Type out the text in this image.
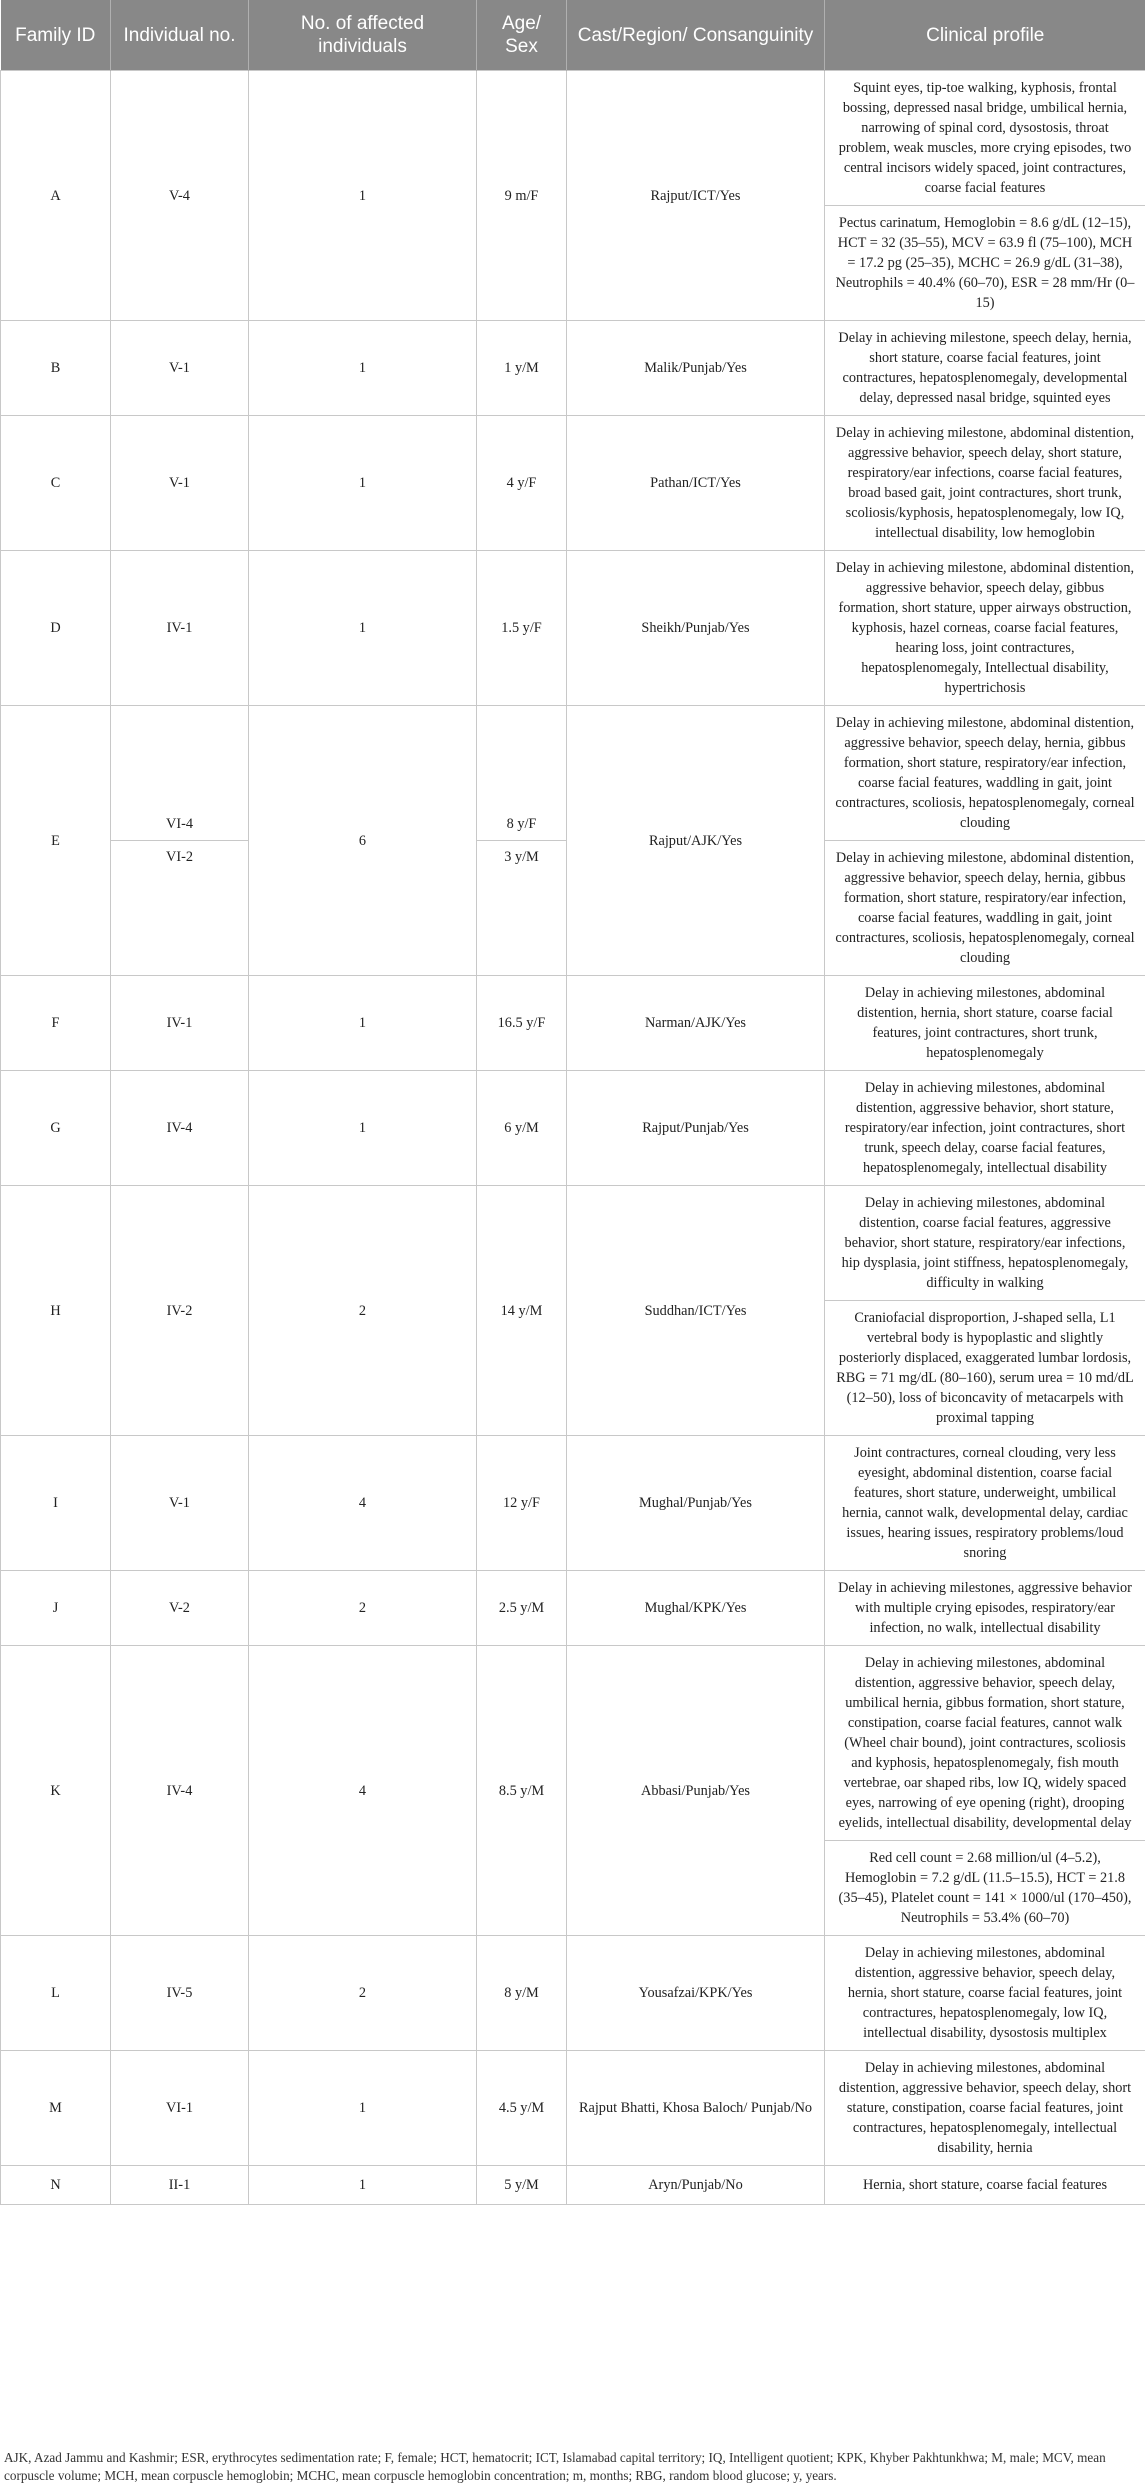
Family ID	Individual no.	No. of affected individuals	Age/ Sex	Cast/Region/ Consanguinity	Clinical profile
A	V-4	1	9 m/F	Rajput/ICT/Yes	Squint eyes, tip-toe walking, kyphosis, frontal bossing, depressed nasal bridge, umbilical hernia, narrowing of spinal cord, dysostosis, throat problem, weak muscles, more crying episodes, two central incisors widely spaced, joint contractures, coarse facial features
					Pectus carinatum, Hemoglobin = 8.6 g/dL (12–15), HCT = 32 (35–55), MCV = 63.9 fl (75–100), MCH = 17.2 pg (25–35), MCHC = 26.9 g/dL (31–38), Neutrophils = 40.4% (60–70), ESR = 28 mm/Hr (0–15)
B	V-1	1	1 y/M	Malik/Punjab/Yes	Delay in achieving milestone, speech delay, hernia, short stature, coarse facial features, joint contractures, hepatosplenomegaly, developmental delay, depressed nasal bridge, squinted eyes
C	V-1	1	4 y/F	Pathan/ICT/Yes	Delay in achieving milestone, abdominal distention, aggressive behavior, speech delay, short stature, respiratory/ear infections, coarse facial features, broad based gait, joint contractures, short trunk, scoliosis/kyphosis, hepatosplenomegaly, low IQ, intellectual disability, low hemoglobin
D	IV-1	1	1.5 y/F	Sheikh/Punjab/Yes	Delay in achieving milestone, abdominal distention, aggressive behavior, speech delay, gibbus formation, short stature, upper airways obstruction, kyphosis, hazel corneas, coarse facial features, hearing loss, joint contractures, hepatosplenomegaly, Intellectual disability, hypertrichosis
E	VI-4	6	8 y/F	Rajput/AJK/Yes	Delay in achieving milestone, abdominal distention, aggressive behavior, speech delay, hernia, gibbus formation, short stature, respiratory/ear infection, coarse facial features, waddling in gait, joint contractures, scoliosis, hepatosplenomegaly, corneal clouding
	VI-2		3 y/M		Delay in achieving milestone, abdominal distention, aggressive behavior, speech delay, hernia, gibbus formation, short stature, respiratory/ear infection, coarse facial features, waddling in gait, joint contractures, scoliosis, hepatosplenomegaly, corneal clouding
F	IV-1	1	16.5 y/F	Narman/AJK/Yes	Delay in achieving milestones, abdominal distention, hernia, short stature, coarse facial features, joint contractures, short trunk, hepatosplenomegaly
G	IV-4	1	6 y/M	Rajput/Punjab/Yes	Delay in achieving milestones, abdominal distention, aggressive behavior, short stature, respiratory/ear infection, joint contractures, short trunk, speech delay, coarse facial features, hepatosplenomegaly, intellectual disability
H	IV-2	2	14 y/M	Suddhan/ICT/Yes	Delay in achieving milestones, abdominal distention, coarse facial features, aggressive behavior, short stature, respiratory/ear infections, hip dysplasia, joint stiffness, hepatosplenomegaly, difficulty in walking
					Craniofacial disproportion, J-shaped sella, L1 vertebral body is hypoplastic and slightly posteriorly displaced, exaggerated lumbar lordosis, RBG = 71 mg/dL (80–160), serum urea = 10 md/dL (12–50), loss of biconcavity of metacarpels with proximal tapping
I	V-1	4	12 y/F	Mughal/Punjab/Yes	Joint contractures, corneal clouding, very less eyesight, abdominal distention, coarse facial features, short stature, underweight, umbilical hernia, cannot walk, developmental delay, cardiac issues, hearing issues, respiratory problems/loud snoring
J	V-2	2	2.5 y/M	Mughal/KPK/Yes	Delay in achieving milestones, aggressive behavior with multiple crying episodes, respiratory/ear infection, no walk, intellectual disability
K	IV-4	4	8.5 y/M	Abbasi/Punjab/Yes	Delay in achieving milestones, abdominal distention, aggressive behavior, speech delay, umbilical hernia, gibbus formation, short stature, constipation, coarse facial features, cannot walk (Wheel chair bound), joint contractures, scoliosis and kyphosis, hepatosplenomegaly, fish mouth vertebrae, oar shaped ribs, low IQ, widely spaced eyes, narrowing of eye opening (right), drooping eyelids, intellectual disability, developmental delay
					Red cell count = 2.68 million/ul (4–5.2), Hemoglobin = 7.2 g/dL (11.5–15.5), HCT = 21.8 (35–45), Platelet count = 141 × 1000/ul (170–450), Neutrophils = 53.4% (60–70)
L	IV-5	2	8 y/M	Yousafzai/KPK/Yes	Delay in achieving milestones, abdominal distention, aggressive behavior, speech delay, hernia, short stature, coarse facial features, joint contractures, hepatosplenomegaly, low IQ, intellectual disability, dysostosis multiplex
M	VI-1	1	4.5 y/M	Rajput Bhatti, Khosa Baloch/ Punjab/No	Delay in achieving milestones, abdominal distention, aggressive behavior, speech delay, short stature, constipation, coarse facial features, joint contractures, hepatosplenomegaly, intellectual disability, hernia
N	II-1	1	5 y/M	Aryn/Punjab/No	Hernia, short stature, coarse facial features
AJK, Azad Jammu and Kashmir; ESR, erythrocytes sedimentation rate; F, female; HCT, hematocrit; ICT, Islamabad capital territory; IQ, Intelligent quotient; KPK, Khyber Pakhtunkhwa; M, male; MCV, mean corpuscle volume; MCH, mean corpuscle hemoglobin; MCHC, mean corpuscle hemoglobin concentration; m, months; RBG, random blood glucose; y, years.
